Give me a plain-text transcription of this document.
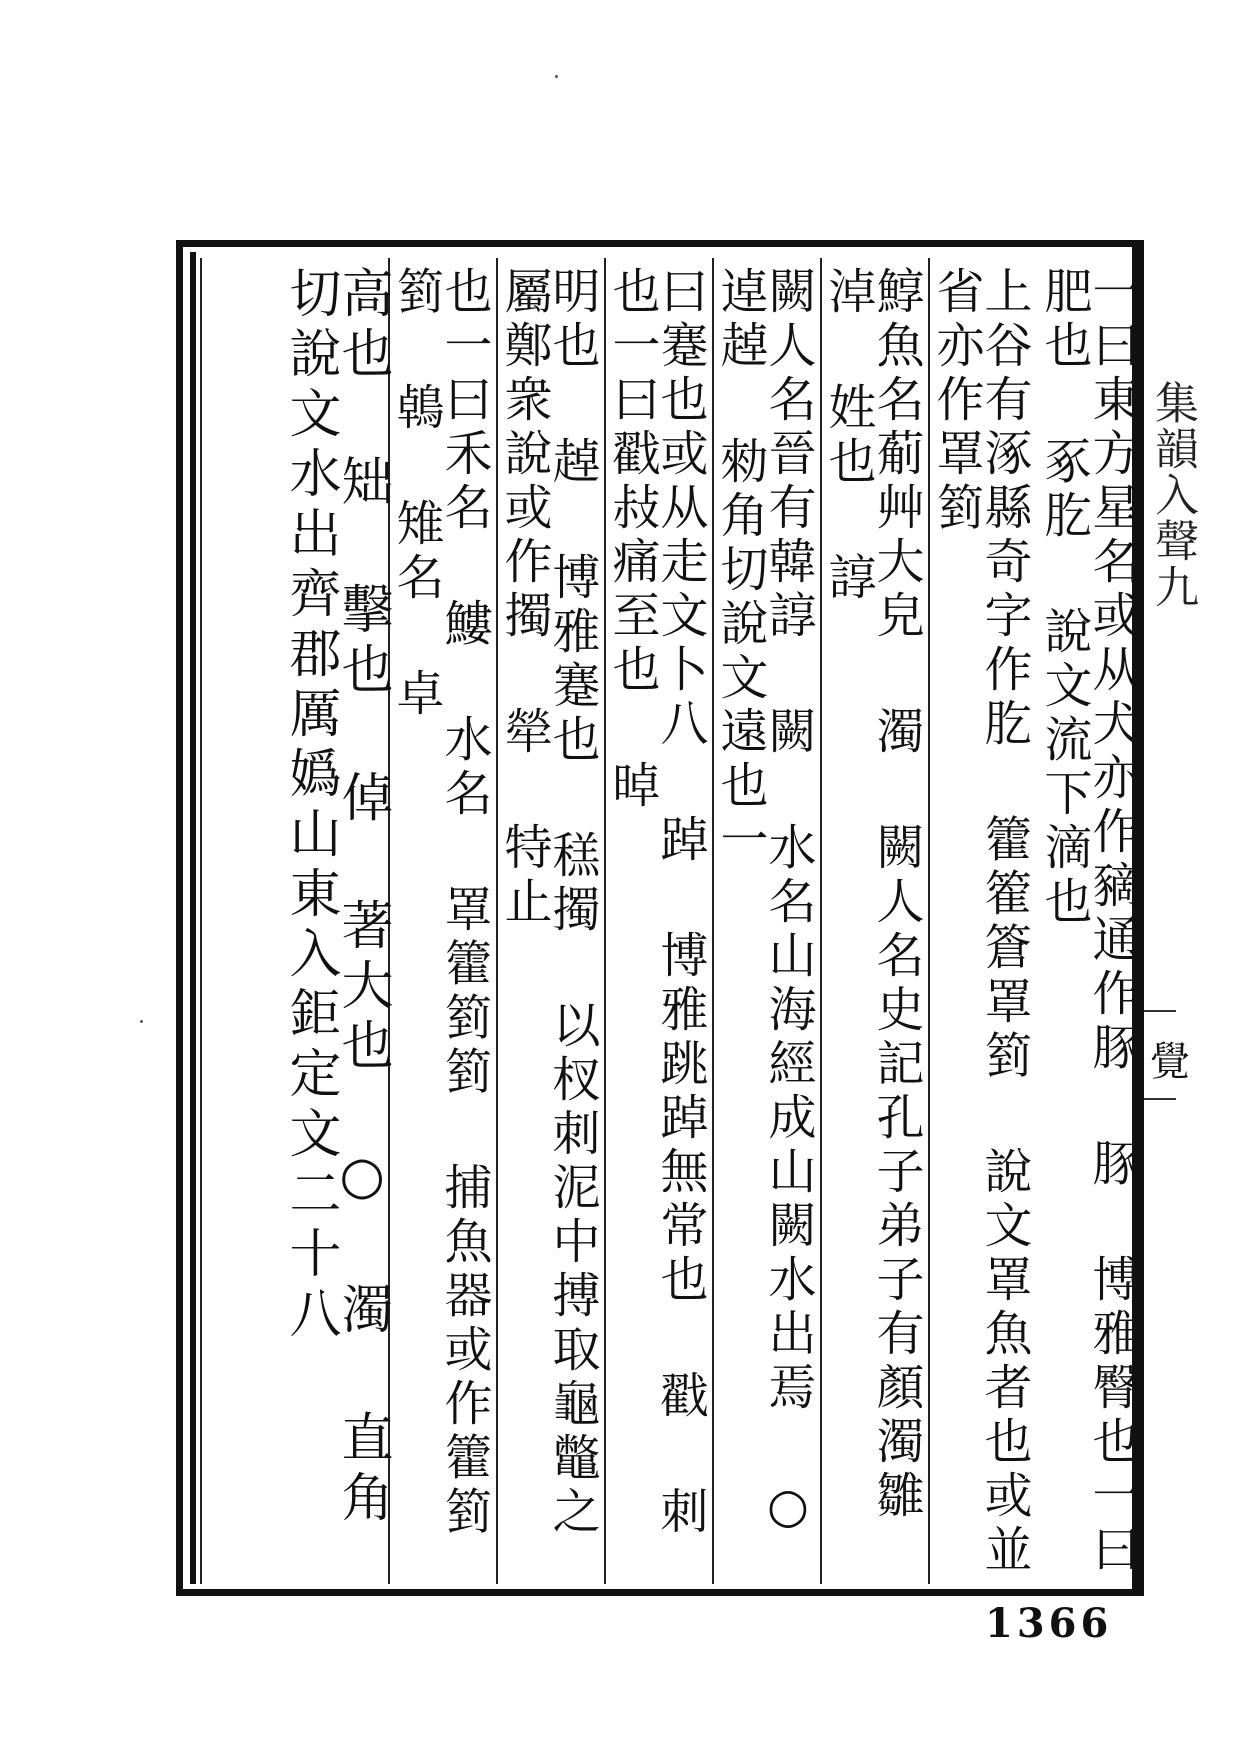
一曰東方星名或从犬亦作豴通作豚 豚 博雅臀也一曰肥也 豖肐 說文流下滴也
上谷有涿縣奇字作肐 籗篧篬罩箌 說文罩魚者也或並省亦作罩箌
鯙魚名葪艸大皃 濁 闕人名史記孔子弟子有顏濁雛 淖 姓也 諄
闕人名晉有韓諄 闕 水名山海經成山闕水出焉 ○逴趠 勑角切說文遠也一
曰蹇也或从走文卜八 踔 博雅跳踔無常也 戳 刺也一曰戳敊痛至也 晫
明也 趠 博雅蹇也 䅵擉 以杈刺泥中搏取龜鼈之屬鄭衆說或作擉 犖 特止
也一曰禾名 䱾 水名 罩籗箌箌 捕魚器或作籗箌箌 鵫 雉名 卓
高也 䂐 擊也 倬 著大也 ○ 濁 直角切說文水出齊郡厲嬀山東入鉅定文二十八	集韻入聲九
覺
1366
